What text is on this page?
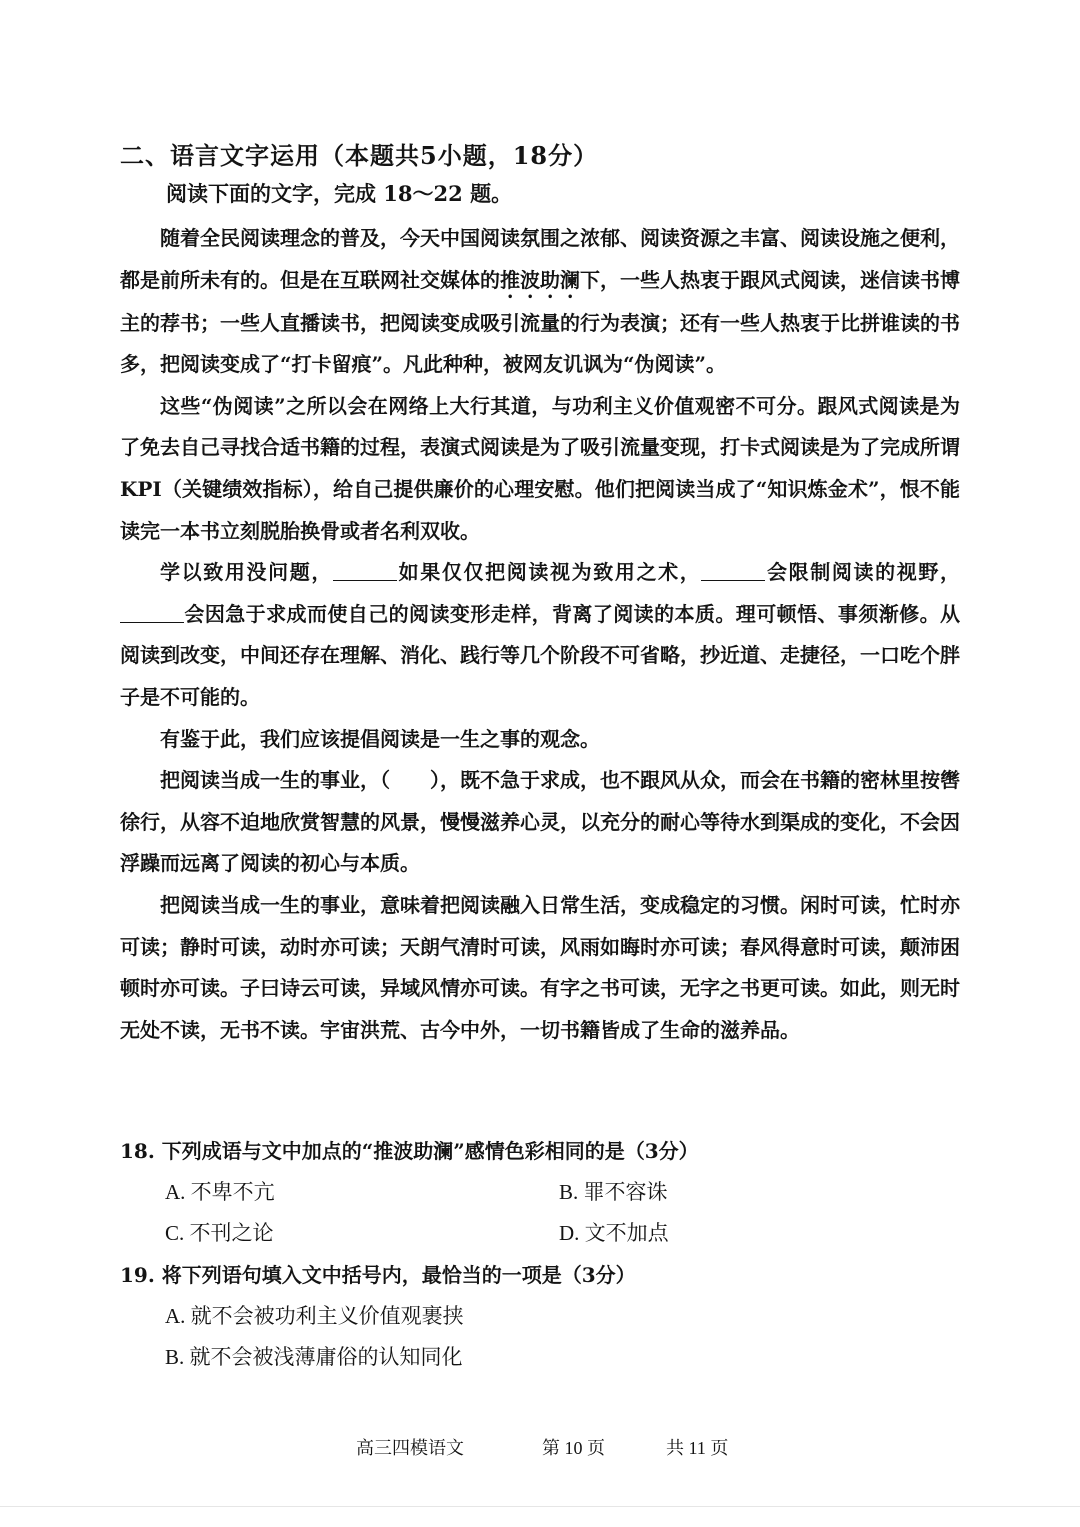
二、语言文字运用（本题共5小题，18分）
阅读下面的文字，完成 18～22 题。

随着全民阅读理念的普及，今天中国阅读氛围之浓郁、阅读资源之丰富、阅读设施之便利，都是前所未有的。但是在互联网社交媒体的推波助澜下，一些人热衷于跟风式阅读，迷信读书博主的荐书；一些人直播读书，把阅读变成吸引流量的行为表演；还有一些人热衷于比拼谁读的书多，把阅读变成了“打卡留痕”。凡此种种，被网友讥讽为“伪阅读”。

这些“伪阅读”之所以会在网络上大行其道，与功利主义价值观密不可分。跟风式阅读是为了免去自己寻找合适书籍的过程，表演式阅读是为了吸引流量变现，打卡式阅读是为了完成所谓 KPI（关键绩效指标），给自己提供廉价的心理安慰。他们把阅读当成了“知识炼金术”，恨不能读完一本书立刻脱胎换骨或者名利双收。

学以致用没问题，	如果仅仅把阅读视为致用之术，	会限制阅读的视野，会因急于求成而使自己的阅读变形走样，背离了阅读的本质。理可顿悟、事须渐修。从阅读到改变，中间还存在理解、消化、践行等几个阶段不可省略，抄近道、走捷径，一口吃个胖子是不可能的。

有鉴于此，我们应该提倡阅读是一生之事的观念。

把阅读当成一生的事业，（　　），既不急于求成，也不跟风从众，而会在书籍的密林里按辔徐行，从容不迫地欣赏智慧的风景，慢慢滋养心灵，以充分的耐心等待水到渠成的变化，不会因浮躁而远离了阅读的初心与本质。

把阅读当成一生的事业，意味着把阅读融入日常生活，变成稳定的习惯。闲时可读，忙时亦可读；静时可读，动时亦可读；天朗气清时可读，风雨如晦时亦可读；春风得意时可读，颠沛困顿时亦可读。子曰诗云可读，异域风情亦可读。有字之书可读，无字之书更可读。如此，则无时无处不读，无书不读。宇宙洪荒、古今中外，一切书籍皆成了生命的滋养品。

18. 下列成语与文中加点的“推波助澜”感情色彩相同的是（3分）
A. 不卑不亢	B. 罪不容诛
C. 不刊之论	D. 文不加点
19. 将下列语句填入文中括号内，最恰当的一项是（3分）
A. 就不会被功利主义价值观裹挟
B. 就不会被浅薄庸俗的认知同化
高三四模语文	第 10 页	共 11 页
